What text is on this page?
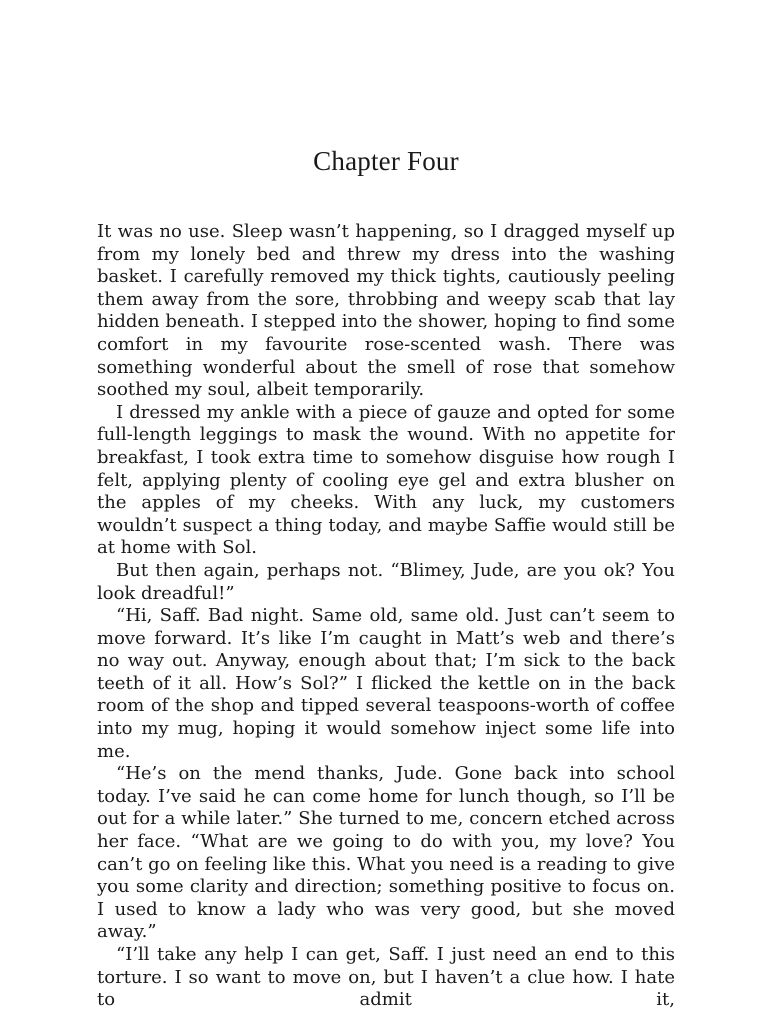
Chapter Four

It was no use. Sleep wasn’t happening, so I dragged myself up from my lonely bed and threw my dress into the washing basket. I carefully removed my thick tights, cautiously peeling them away from the sore, throbbing and weepy scab that lay hidden beneath. I stepped into the shower, hoping to find some comfort in my favourite rose-scented wash. There was something wonderful about the smell of rose that somehow soothed my soul, albeit temporarily.

I dressed my ankle with a piece of gauze and opted for some full-length leggings to mask the wound. With no appetite for breakfast, I took extra time to somehow disguise how rough I felt, applying plenty of cooling eye gel and extra blusher on the apples of my cheeks. With any luck, my customers wouldn’t suspect a thing today, and maybe Saffie would still be at home with Sol.

But then again, perhaps not. “Blimey, Jude, are you ok? You look dreadful!”

“Hi, Saff. Bad night. Same old, same old. Just can’t seem to move forward. It’s like I’m caught in Matt’s web and there’s no way out. Anyway, enough about that; I’m sick to the back teeth of it all. How’s Sol?” I flicked the kettle on in the back room of the shop and tipped several teaspoons-worth of coffee into my mug, hoping it would somehow inject some life into me.

“He’s on the mend thanks, Jude. Gone back into school today. I’ve said he can come home for lunch though, so I’ll be out for a while later.” She turned to me, concern etched across her face. “What are we going to do with you, my love? You can’t go on feeling like this. What you need is a reading to give you some clarity and direction; something positive to focus on. I used to know a lady who was very good, but she moved away.”

“I’ll take any help I can get, Saff. I just need an end to this torture. I so want to move on, but I haven’t a clue how. I hate to admit it,
